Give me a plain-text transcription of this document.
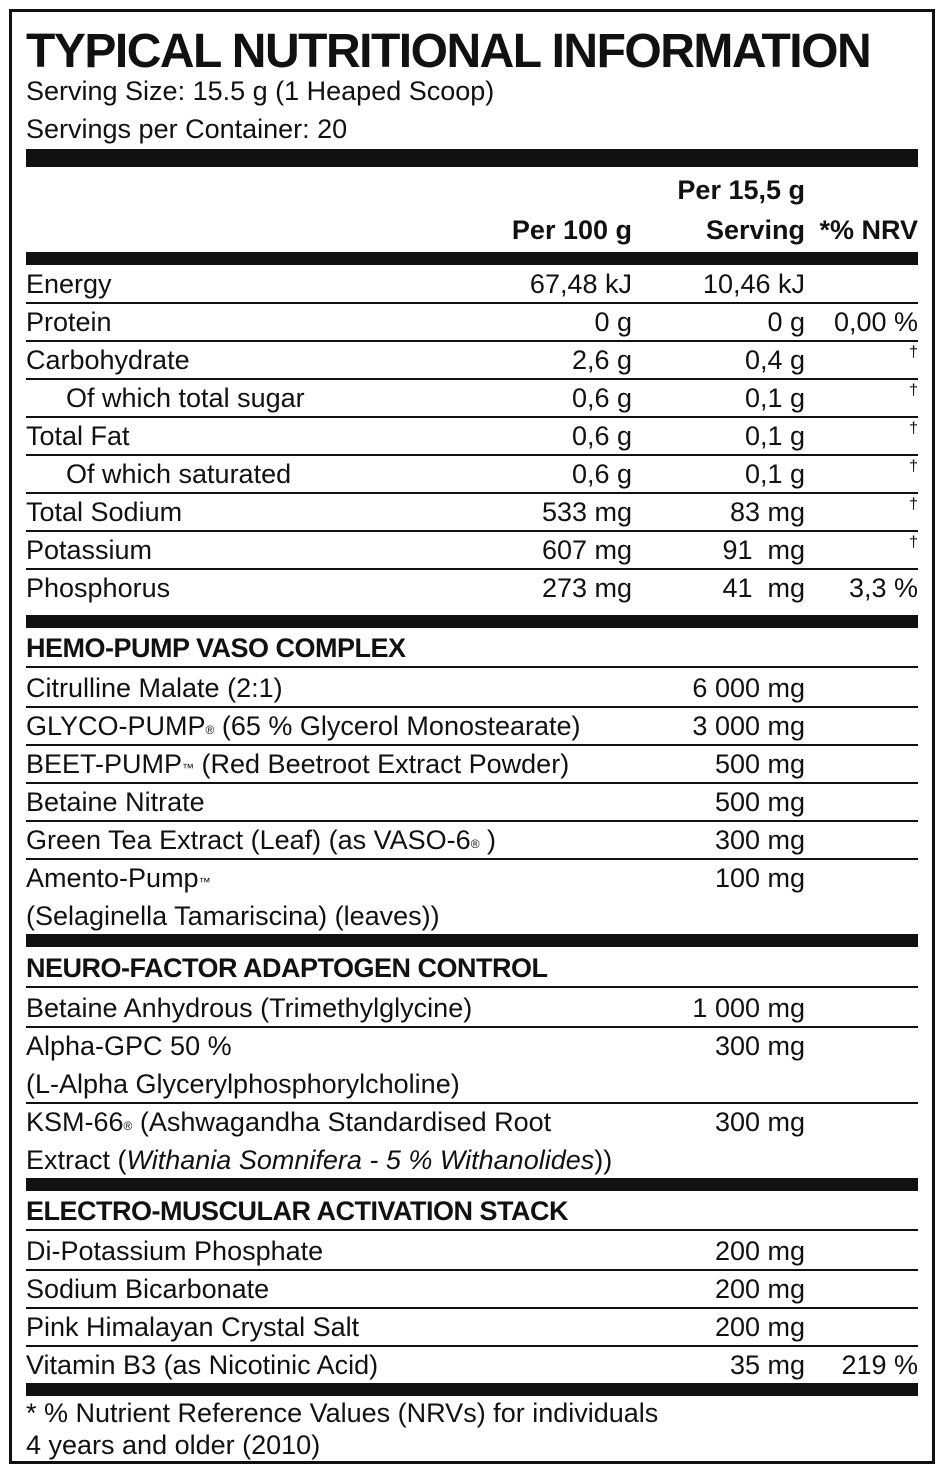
TYPICAL NUTRITIONAL INFORMATION
Serving Size: 15.5 g (1 Heaped Scoop)
Servings per Container: 20
Per 15,5 g
Per 100 g	Serving *% NRV
Energy	67,48 kJ	10,46 kJ
Protein	0 g	0 g 0,00 %
Carbohydrate	2,6 g	0,4 g	†
Of which total sugar	0,6 g	0,1 g	†
Total Fat	0,6 g	0,1 g	†
Of which saturated	0,6 g	0,1 g	†
Total Sodium	533 mg	83 mg	†
Potassium	607 mg	91  mg	†
Phosphorus	273 mg	41  mg 3,3 %
HEMO-PUMP VASO COMPLEX
Citrulline Malate (2:1)	6 000 mg
GLYCO-PUMP® (65 % Glycerol Monostearate)	3 000 mg
BEET-PUMP™ (Red Beetroot Extract Powder)	500 mg
Betaine Nitrate	500 mg
Green Tea Extract (Leaf) (as VASO-6® )	300 mg
Amento-Pump™	100 mg
(Selaginella Tamariscina) (leaves))
NEURO-FACTOR ADAPTOGEN CONTROL
Betaine Anhydrous (Trimethylglycine)	1 000 mg
Alpha-GPC 50 %	300 mg
(L-Alpha Glycerylphosphorylcholine)
KSM-66® (Ashwagandha Standardised Root	300 mg
Extract (Withania Somnifera - 5 % Withanolides))
ELECTRO-MUSCULAR ACTIVATION STACK
Di-Potassium Phosphate	200 mg
Sodium Bicarbonate	200 mg
Pink Himalayan Crystal Salt	200 mg
Vitamin B3 (as Nicotinic Acid)	35 mg 219 %
* % Nutrient Reference Values (NRVs) for individuals
4 years and older (2010)
